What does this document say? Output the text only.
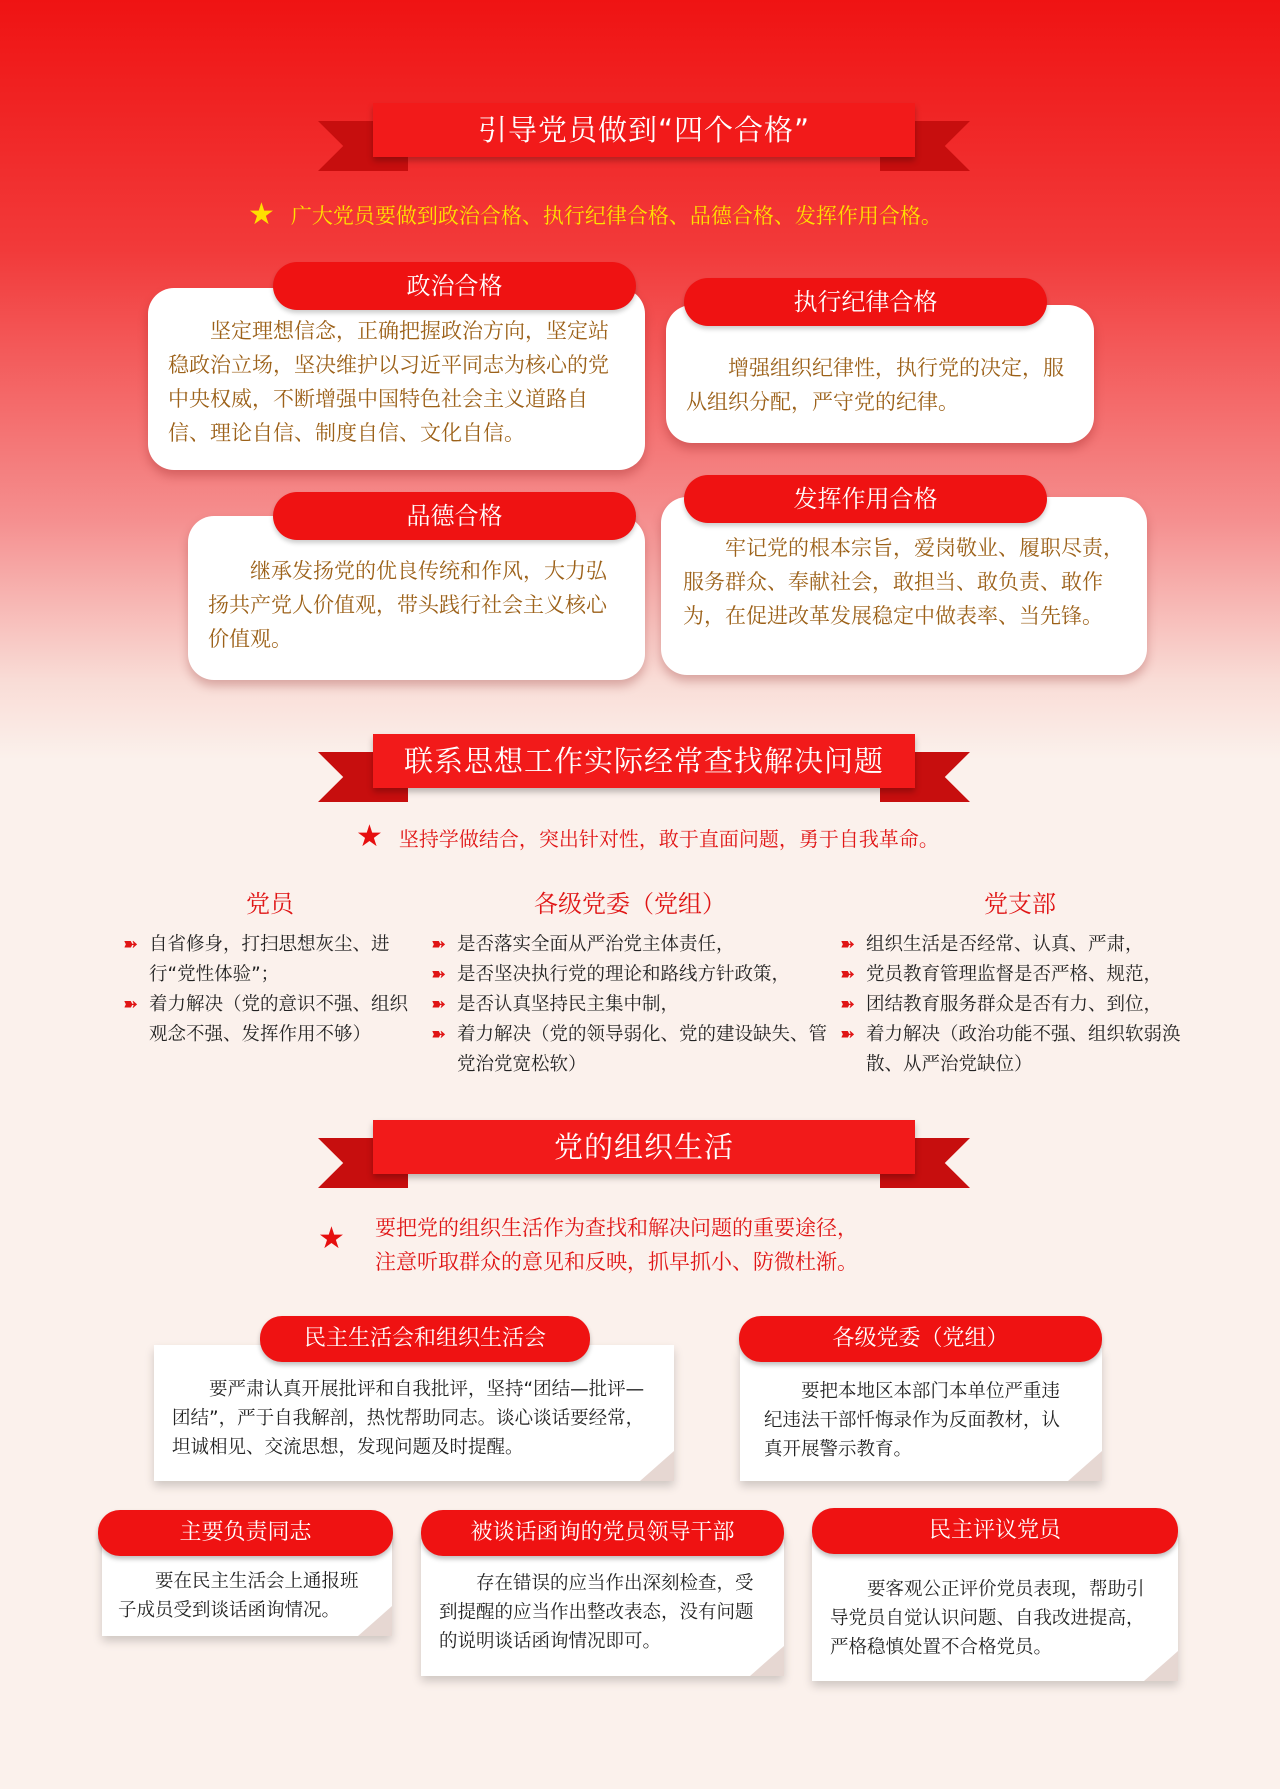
引导党员做到“四个合格”
★ 广大党员要做到政治合格、执行纪律合格、品德合格、发挥作用合格。

坚定理想信念，正确把握政治方向，坚定站稳政治立场，坚决维护以习近平同志为核心的党中央权威，不断增强中国特色社会主义道路自信、理论自信、制度自信、文化自信。

政治合格

增强组织纪律性，执行党的决定，服从组织分配，严守党的纪律。

执行纪律合格

继承发扬党的优良传统和作风，大力弘扬共产党人价值观，带头践行社会主义核心价值观。

品德合格

牢记党的根本宗旨，爱岗敬业、履职尽责，服务群众、奉献社会，敢担当、敢负责、敢作为，在促进改革发展稳定中做表率、当先锋。

发挥作用合格
联系思想工作实际经常查找解决问题
★ 坚持学做结合，突出针对性，敢于直面问题，勇于自我革命。
党员
➽ 自省修身，打扫思想灰尘、进行“党性体验”；
➽ 着力解决（党的意识不强、组织观念不强、发挥作用不够）
各级党委（党组）
➽ 是否落实全面从严治党主体责任，
➽ 是否坚决执行党的理论和路线方针政策，
➽ 是否认真坚持民主集中制，
➽ 着力解决（党的领导弱化、党的建设缺失、管党治党宽松软）
党支部
➽ 组织生活是否经常、认真、严肃，
➽ 党员教育管理监督是否严格、规范，
➽ 团结教育服务群众是否有力、到位，
➽ 着力解决（政治功能不强、组织软弱涣散、从严治党缺位）
党的组织生活
★ 要把党的组织生活作为查找和解决问题的重要途径，
注意听取群众的意见和反映，抓早抓小、防微杜渐。

要严肃认真开展批评和自我批评，坚持“团结—批评—团结”，严于自我解剖，热忱帮助同志。谈心谈话要经常，坦诚相见、交流思想，发现问题及时提醒。

民主生活会和组织生活会

要把本地区本部门本单位严重违纪违法干部忏悔录作为反面教材，认真开展警示教育。

各级党委（党组）

要在民主生活会上通报班子成员受到谈话函询情况。

主要负责同志

存在错误的应当作出深刻检查，受到提醒的应当作出整改表态，没有问题的说明谈话函询情况即可。

被谈话函询的党员领导干部

要客观公正评价党员表现，帮助引导党员自觉认识问题、自我改进提高，严格稳慎处置不合格党员。

民主评议党员
